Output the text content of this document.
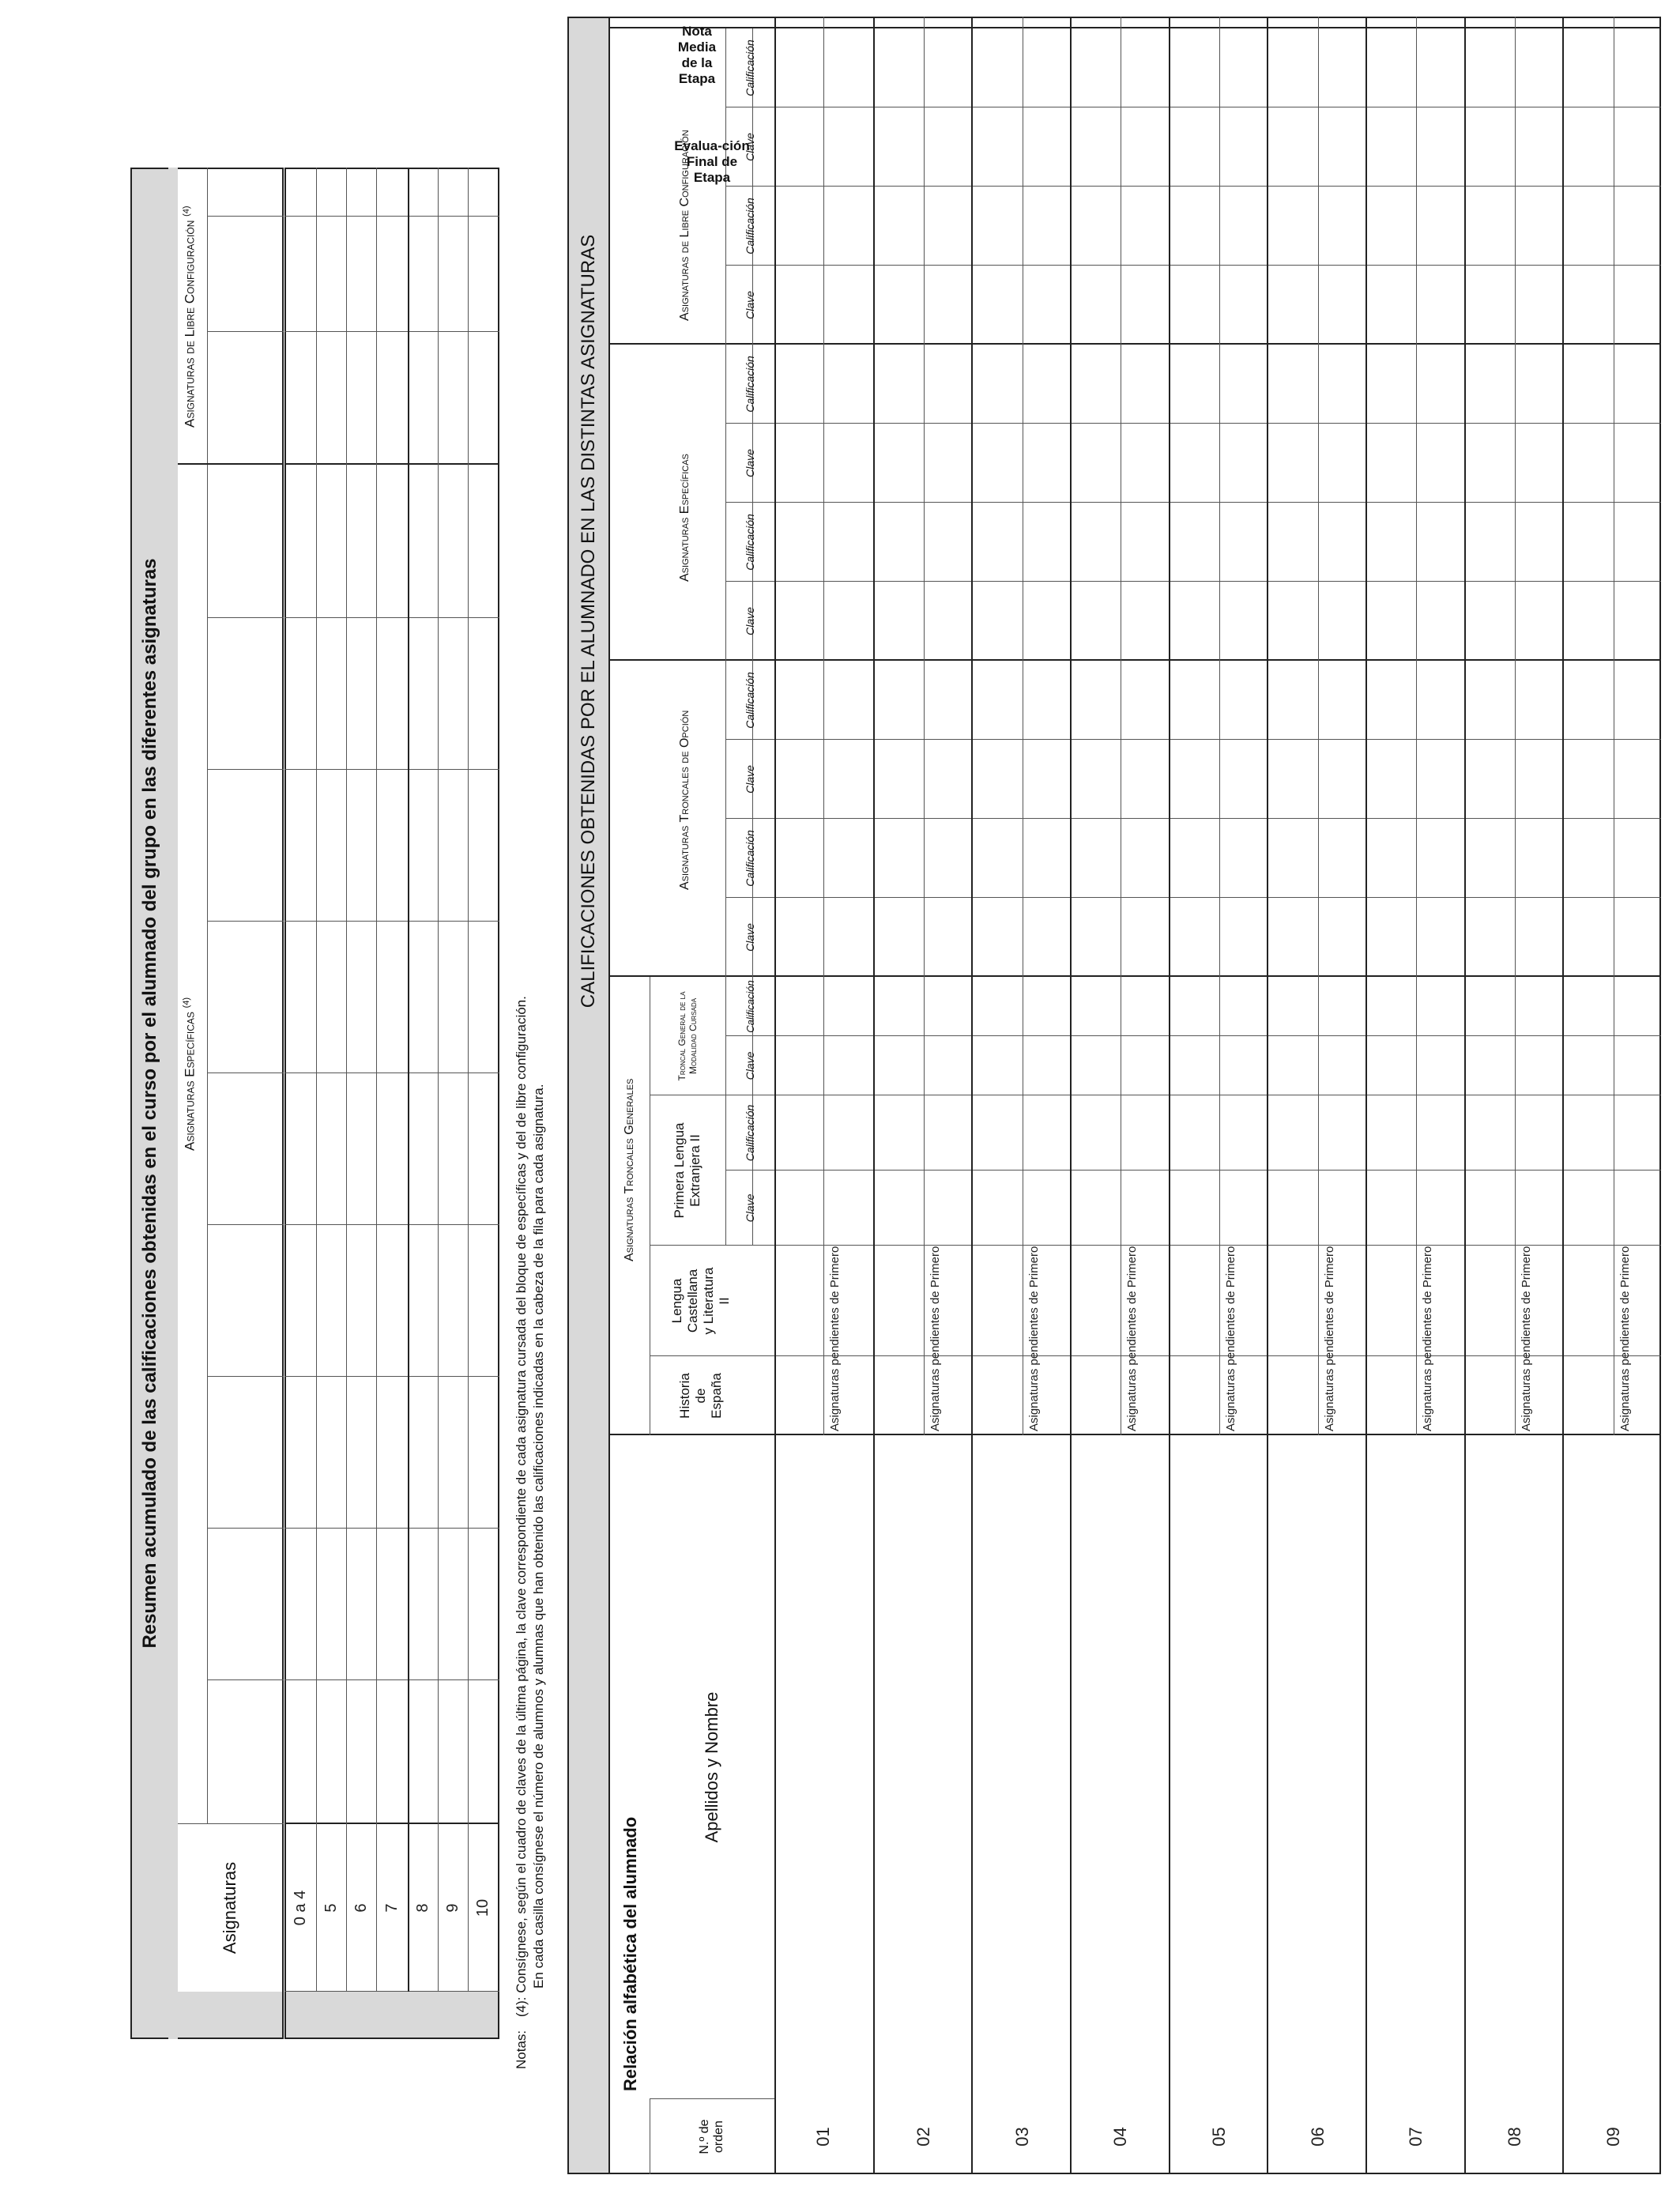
Resumen acumulado de las calificaciones obtenidas en el curso por el alumnado del grupo en las diferentes asignaturas
Asignaturas
Asignaturas Específicas $^{(4)}$
Asignaturas de Libre Configuración $^{(4)}$
0 a 4 5 6 7 8 9 10
Notas:
(4): Consígnese, según el cuadro de claves de la última página, la clave correspondiente de cada asignatura cursada del bloque de específicas y del de libre configuración. En cada casilla consígnese el número de alumnos y alumnas que han obtenido las calificaciones indicadas en la cabeza de la fila para cada asignatura.
CALIFICACIONES OBTENIDAS POR EL ALUMNADO EN LAS DISTINTAS ASIGNATURAS
Relación alfabética del alumnado
N.º de orden
Apellidos y Nombre
Asignaturas Troncales Generales
Historia de España
Lengua Castellana y Literatura II
Primera Lengua Extranjera II
Troncal General de la Modalidad Cursada
Asignaturas Troncales de Opción
Asignaturas Específicas
Asignaturas de Libre Configuración
Clave
Calificación
Clave
Calificación
Clave
Calificación
Clave
Calificación
Clave
Calificación
Clave
Calificación
Clave
Calificación
Clave
Calificación
01
Asignaturas pendientes de Primero
02
Asignaturas pendientes de Primero
03
Asignaturas pendientes de Primero
04
Asignaturas pendientes de Primero
05
Asignaturas pendientes de Primero
06
Asignaturas pendientes de Primero
07
Asignaturas pendientes de Primero
08
Asignaturas pendientes de Primero
09
Asignaturas pendientes de Primero
Evalua-ción Final de Etapa
Nota Media de la Etapa
